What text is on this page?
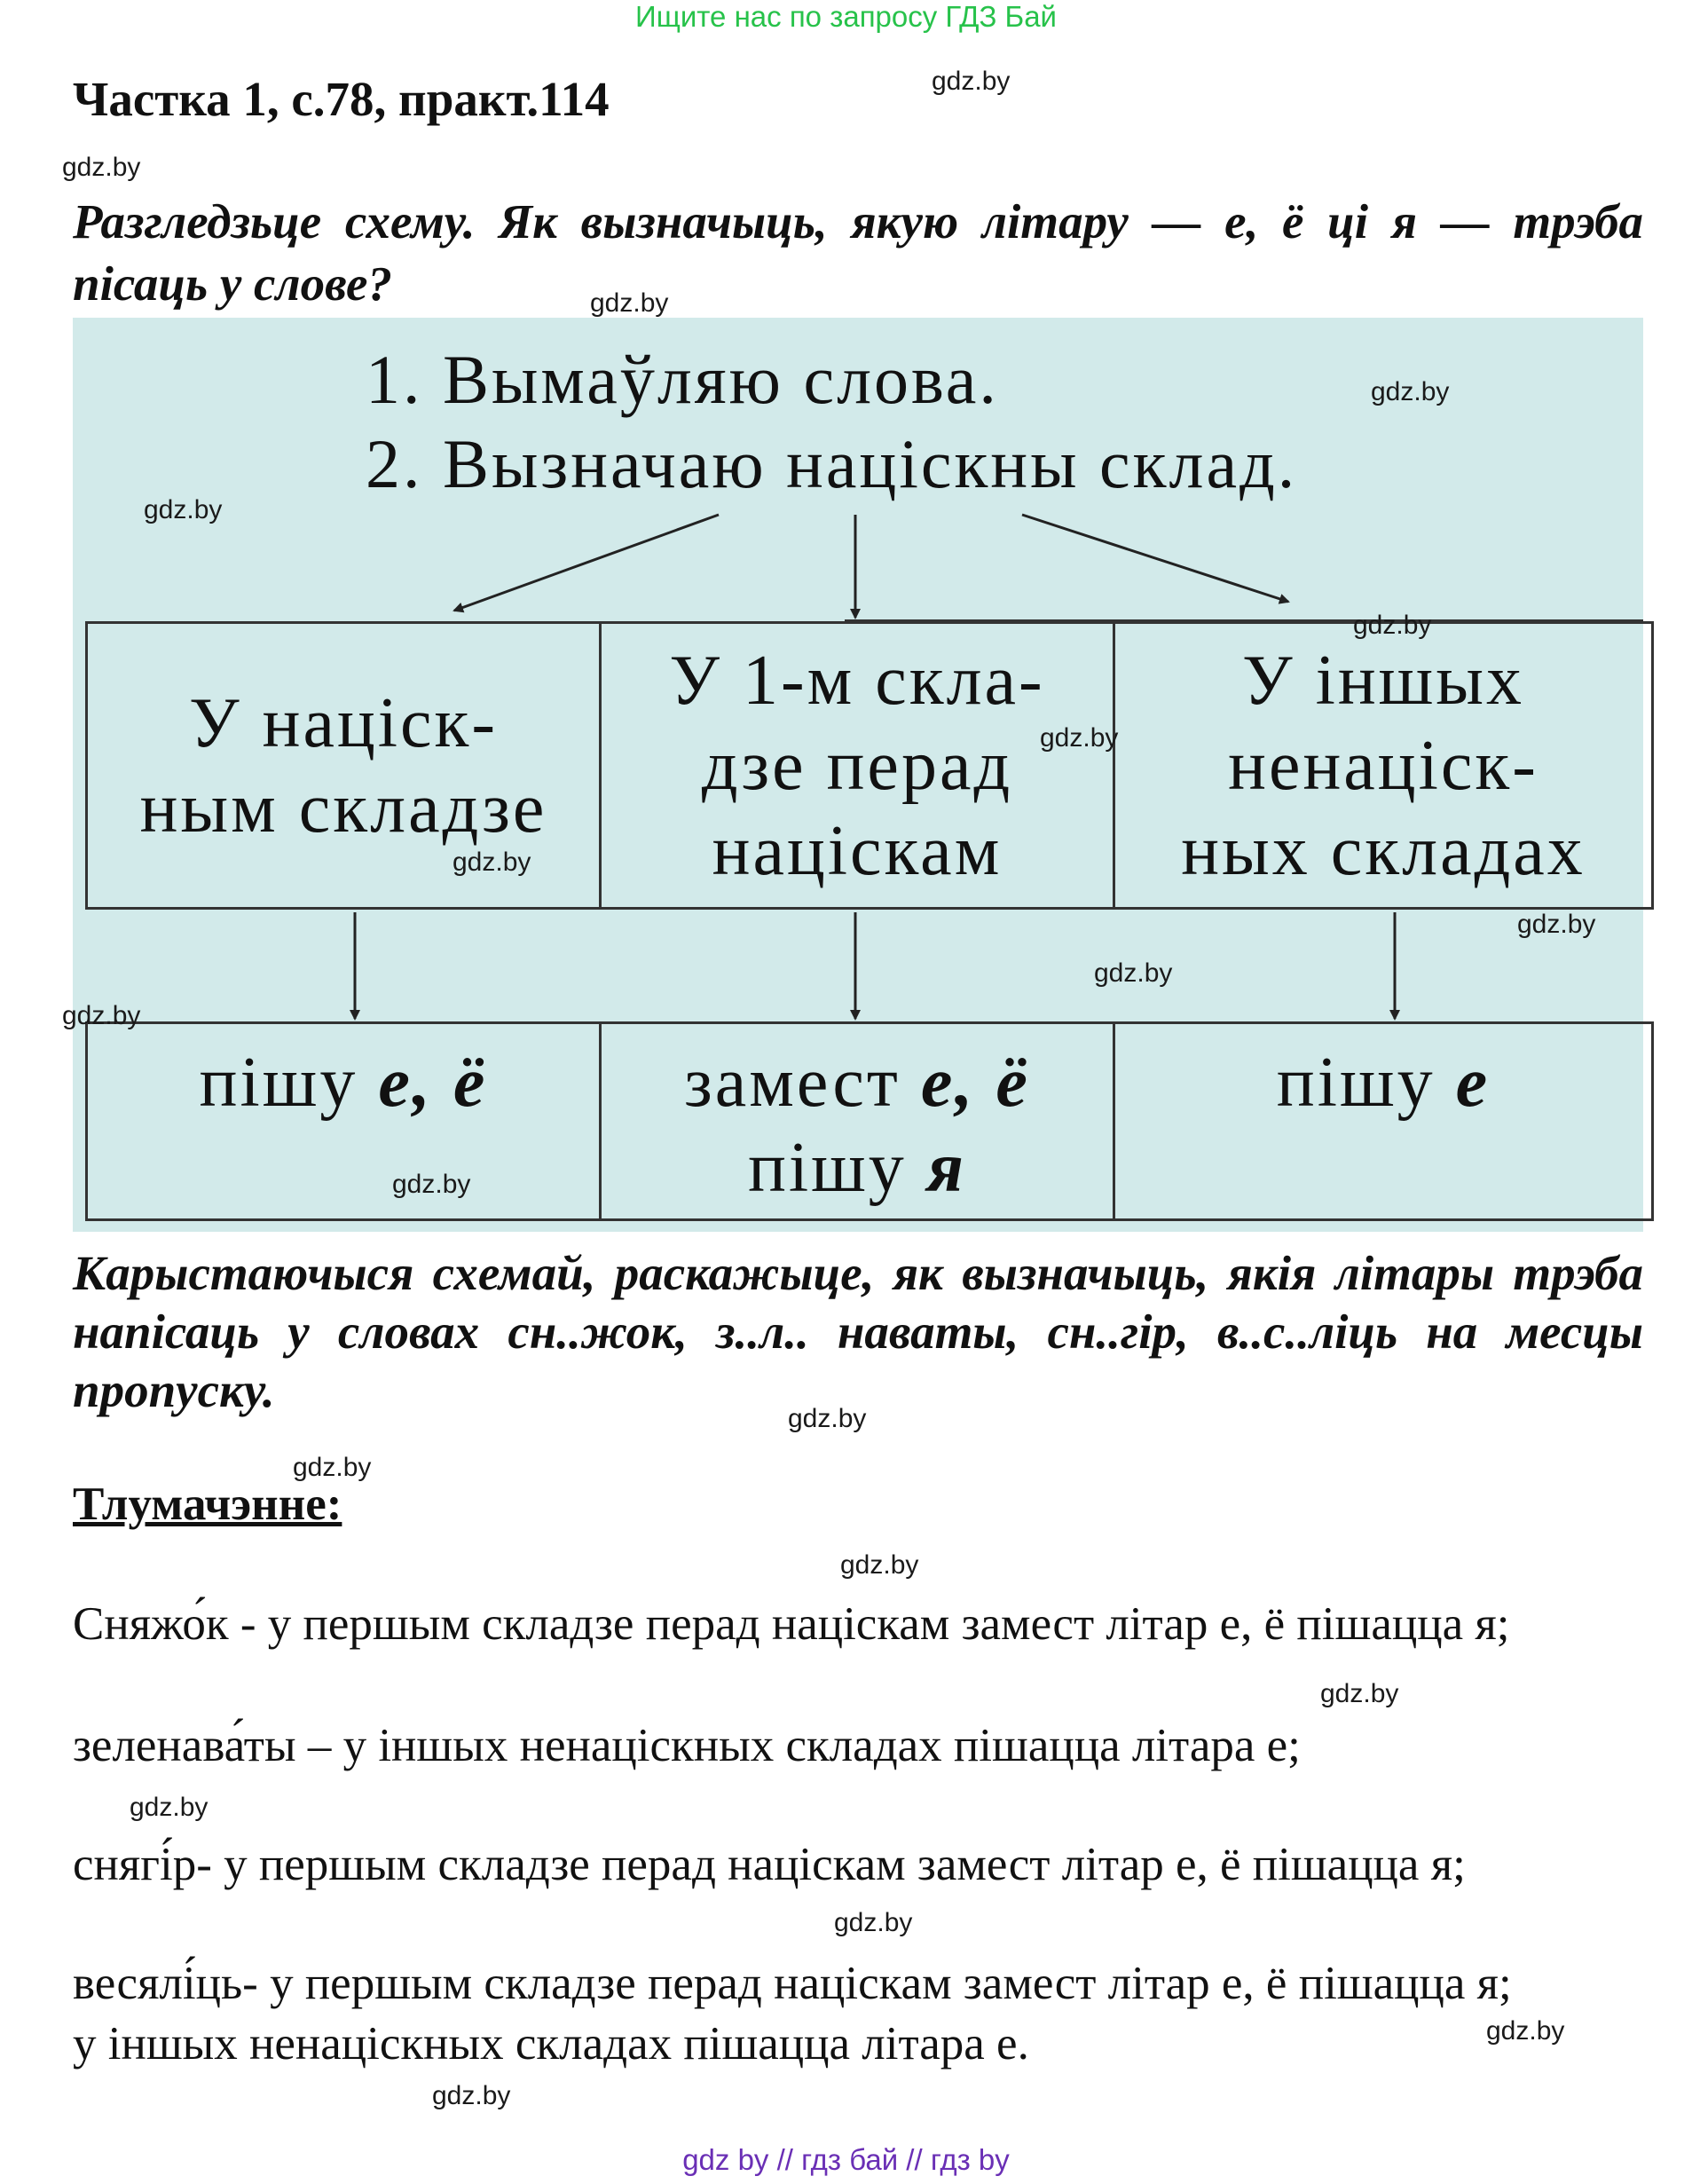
Ищите нас по запросу ГДЗ Бай
Частка 1, с.78, практ.114
Разгледзьце схему. Як вызначыць, якую літару — е, ё ці я — трэба пісаць у слове?
1. Вымаўляю слова.
2. Вызначаю націскны склад.
У націск-
ным складзе
У 1-м скла-
дзе перад
націскам
У іншых
ненаціск-
ных складах
пішу е, ё	замест е, ё
пішу я
пішу е
Карыстаючыся схемай, раскажыце, як вызначыць, якія літары трэба напісаць у словах сн..жок, з..л.. наваты, сн..гір, в..с..ліць на месцы пропуску.
Тлумачэнне:
Сняжо́к - у першым складзе перад націскам замест літар е, ё пішацца я;
зеленава́ты – у іншых ненаціскных складах пішацца літара е;
снягі́р- у першым складзе перад націскам замест літар е, ё пішацца я;
весялі́ць- у першым складзе перад націскам замест літар е, ё пішацца я;
у іншых ненаціскных складах пішацца літара е.
gdz.by
gdz.by
gdz.by
gdz.by
gdz.by
gdz.by
gdz.by
gdz.by
gdz.by
gdz.by
gdz.by
gdz.by
gdz.by
gdz.by
gdz.by
gdz.by
gdz.by
gdz.by
gdz.by
gdz.by
gdz by // гдз бай // гдз by
